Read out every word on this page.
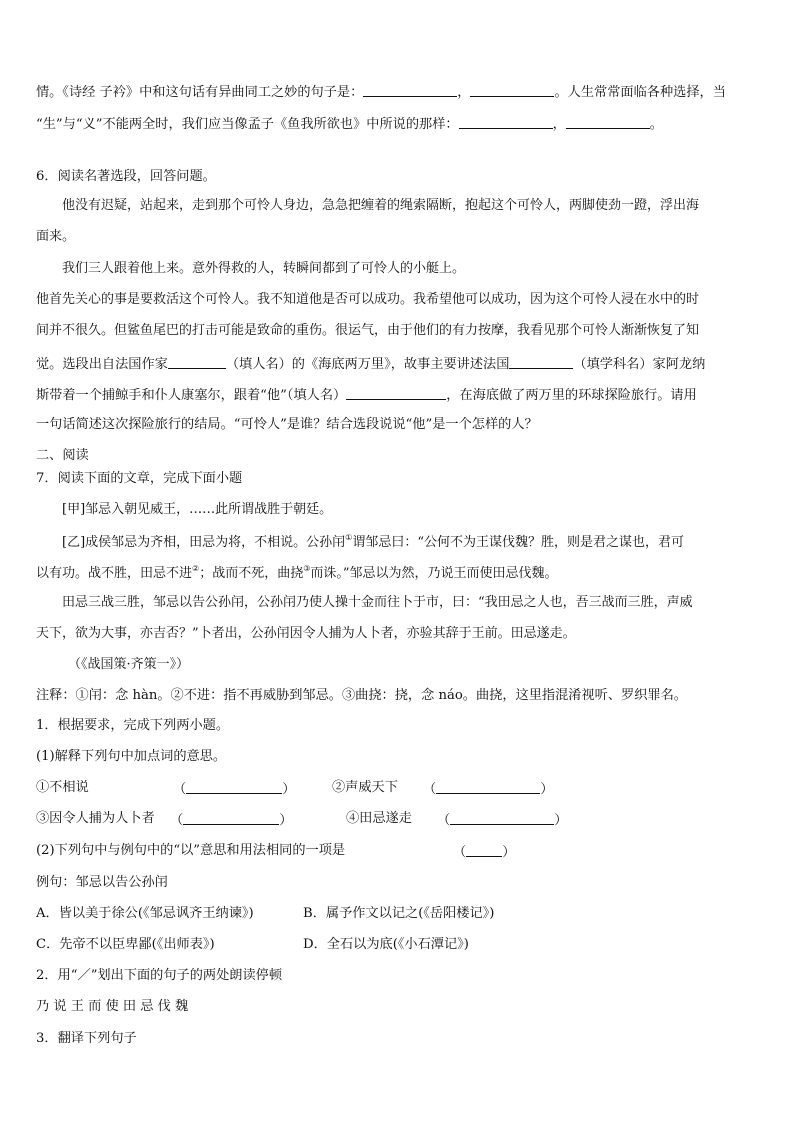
情。《诗经 子衿》中和这句话有异曲同工之妙的句子是：	，	。人生常常面临各种选择，当
“生”与“义”不能两全时，我们应当像孟子《鱼我所欲也》中所说的那样：	，	。
6．阅读名著选段，回答问题。
他没有迟疑，站起来，走到那个可怜人身边，急急把缠着的绳索隔断，抱起这个可怜人，两脚使劲一蹬，浮出海
面来。
我们三人跟着他上来。意外得救的人，转瞬间都到了可怜人的小艇上。
他首先关心的事是要救活这个可怜人。我不知道他是否可以成功。我希望他可以成功，因为这个可怜人浸在水中的时
间并不很久。但鲨鱼尾巴的打击可能是致命的重伤。很运气，由于他们的有力按摩，我看见那个可怜人渐渐恢复了知
觉。选段出自法国作家	（填人名）的《海底两万里》，故事主要讲述法国	（填学科名）家阿龙纳
斯带着一个捕鲸手和仆人康塞尔，跟着“他”（填人名）	，在海底做了两万里的环球探险旅行。请用
一句话简述这次探险旅行的结局。“可怜人”是谁？结合选段说说“他”是一个怎样的人？
二、阅读
7．阅读下面的文章，完成下面小题
[甲]邹忌入朝见威王，……此所谓战胜于朝廷。
[乙]成侯邹忌为齐相，田忌为将，不相说。公孙闬①谓邹忌曰：“公何不为王谋伐魏？胜，则是君之谋也，君可
以有功。战不胜，田忌不进②；战而不死，曲挠③而诛。”邹忌以为然，乃说王而使田忌伐魏。
田忌三战三胜，邹忌以告公孙闬，公孙闬乃使人操十金而往卜于市，曰：“我田忌之人也，吾三战而三胜，声威
天下，欲为大事，亦吉否？”卜者出，公孙闬因令人捕为人卜者，亦验其辞于王前。田忌遂走。
（《战国策·齐策一》）
注释：①闬：念 hàn。②不进：指不再威胁到邹忌。③曲挠：挠，念 náo。曲挠，这里指混淆视听、罗织罪名。
1．根据要求，完成下列两小题。
(1)解释下列句中加点词的意思。
①不相说	（	）	②声威天下 （	）
③因令人捕为人卜者 （	）	④田忌遂走 （	）
(2)下列句中与例句中的“以”意思和用法相同的一项是	（	）
例句：邹忌以告公孙闬
A．皆以美于徐公(《邹忌讽齐王纳谏》)	B．属予作文以记之(《岳阳楼记》)
C．先帝不以臣卑鄙(《出师表》)	D．全石以为底(《小石潭记》)
2．用“／”划出下面的句子的两处朗读停顿
乃 说 王 而 使 田 忌 伐 魏
3．翻译下列句子
